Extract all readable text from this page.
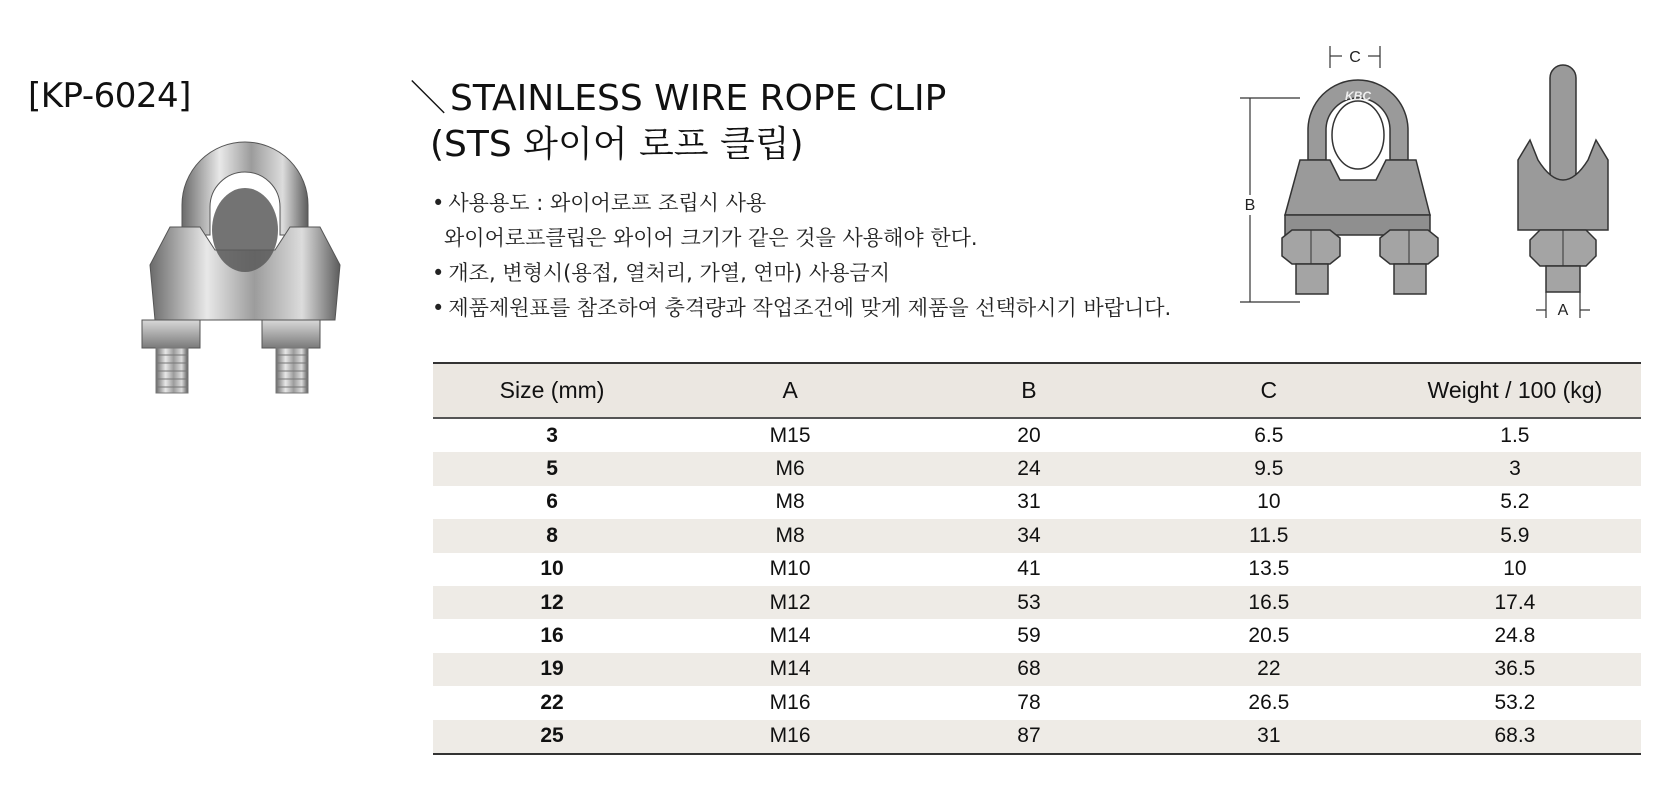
[KP-6024]	＼ STAINLESS WIRE ROPE CLIP
(STS 와이어 로프 클립)
• 사용용도 : 와이어로프 조립시 사용
와이어로프클립은 와이어 크기가 같은 것을 사용해야 한다.
• 개조, 변형시(용접, 열처리, 가열, 연마) 사용금지
• 제품제원표를 참조하여 충격량과 작업조건에 맞게 제품을 선택하시기 바랍니다.
C
B
KBC
A
Size (mm)	A	B	C	Weight / 100 (kg)
3	M15	20	6.5	1.5
5	M6	24	9.5	3
6	M8	31	10	5.2
8	M8	34	11.5	5.9
10	M10	41	13.5	10
12	M12	53	16.5	17.4
16	M14	59	20.5	24.8
19	M14	68	22	36.5
22	M16	78	26.5	53.2
25	M16	87	31	68.3
